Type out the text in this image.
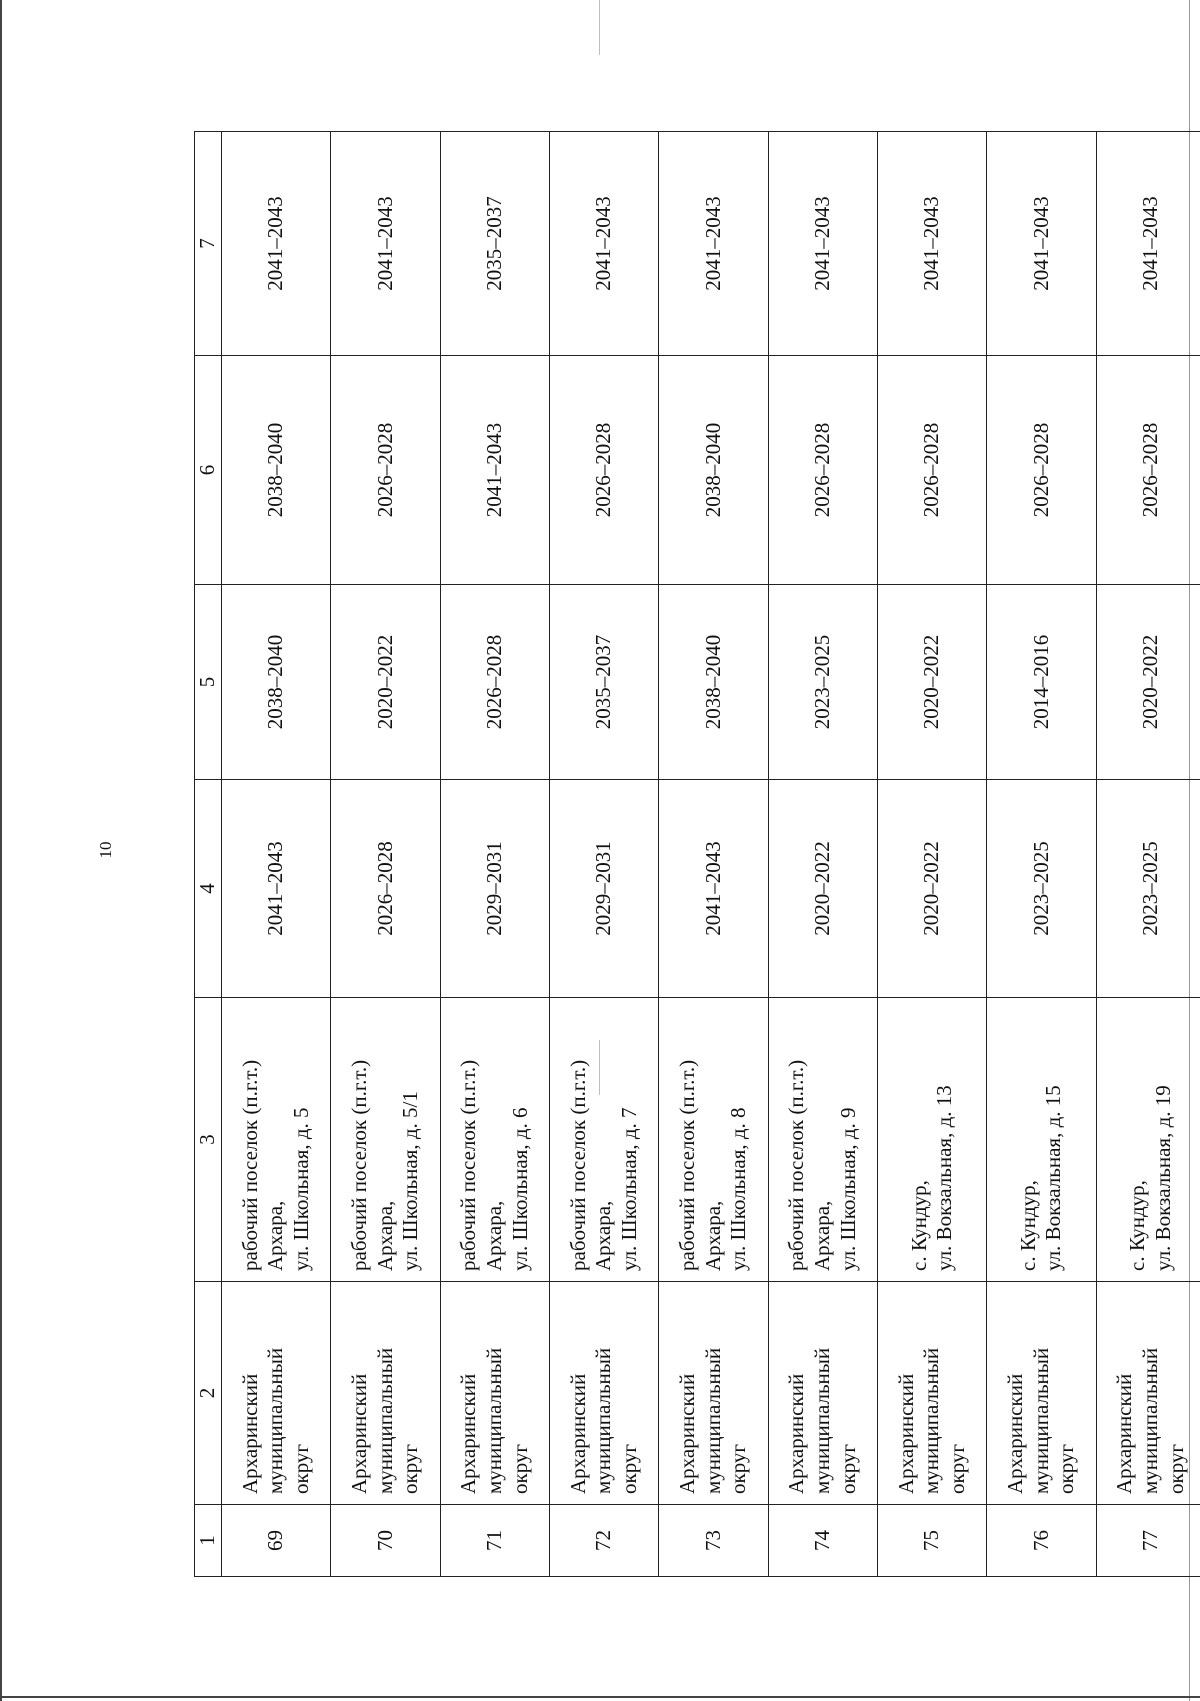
10
1	2	3	4	5	6	7
69	Архаринский муниципальный округ	рабочий поселок (п.г.т.) Архара, ул. Школьная, д. 5	2041–2043	2038–2040	2038–2040	2041–2043
70	Архаринский муниципальный округ	рабочий поселок (п.г.т.) Архара, ул. Школьная, д. 5/1	2026–2028	2020–2022	2026–2028	2041–2043
71	Архаринский муниципальный округ	рабочий поселок (п.г.т.) Архара, ул. Школьная, д. 6	2029–2031	2026–2028	2041–2043	2035–2037
72	Архаринский муниципальный округ	рабочий поселок (п.г.т.) Архара, ул. Школьная, д. 7	2029–2031	2035–2037	2026–2028	2041–2043
73	Архаринский муниципальный округ	рабочий поселок (п.г.т.) Архара, ул. Школьная, д. 8	2041–2043	2038–2040	2038–2040	2041–2043
74	Архаринский муниципальный округ	рабочий поселок (п.г.т.) Архара, ул. Школьная, д. 9	2020–2022	2023–2025	2026–2028	2041–2043
75	Архаринский муниципальный округ	с. Кундур, ул. Вокзальная, д. 13	2020–2022	2020–2022	2026–2028	2041–2043
76	Архаринский муниципальный округ	с. Кундур, ул. Вокзальная, д. 15	2023–2025	2014–2016	2026–2028	2041–2043
77	Архаринский муниципальный округ	с. Кундур, ул. Вокзальная, д. 19	2023–2025	2020–2022	2026–2028	2041–2043
